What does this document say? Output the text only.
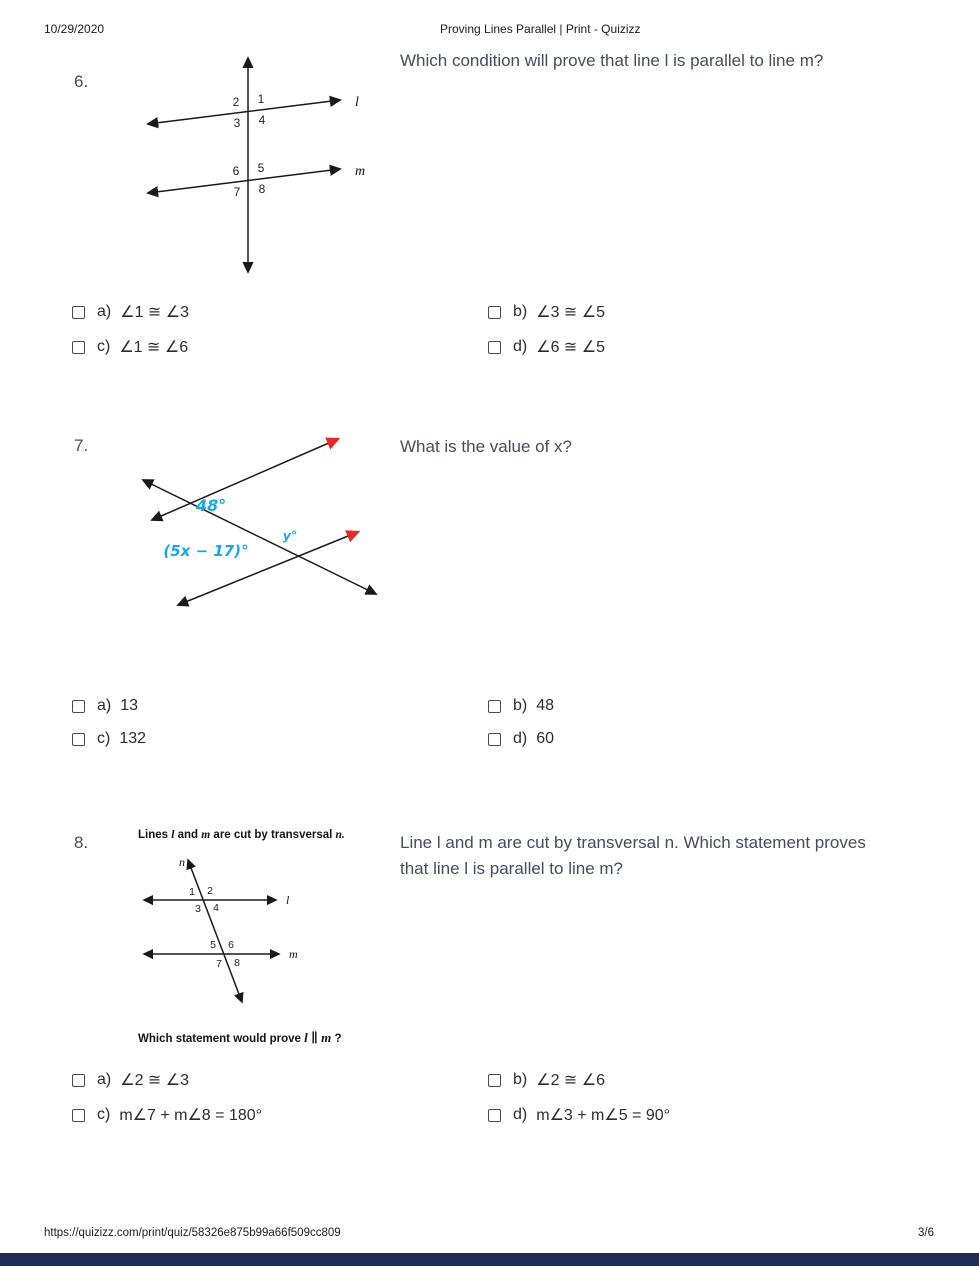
10/29/2020	Proving Lines Parallel | Print - Quizizz
6.
l
m
2 1
3 4
6 5
7 8
Which condition will prove that line l is parallel to line m?
a) ∠1 ≅ ∠3	b) ∠3 ≅ ∠5
c) ∠1 ≅ ∠6	d) ∠6 ≅ ∠5
7.
48°
(5x − 17)°
y°
What is the value of x?
a) 13	b) 48
c) 132	d) 60
8.	Lines l and m are cut by transversal n.
n
l
m
1 2
3 4
5 6
7 8
Which statement would prove l ∥ m ?
Line l and m are cut by transversal n. Which statement proves that line l is parallel to line m?
a) ∠2 ≅ ∠3	b) ∠2 ≅ ∠6
c) m∠7 + m∠8 = 180°	d) m∠3 + m∠5 = 90°
https://quizizz.com/print/quiz/58326e875b99a66f509cc809	3/6
